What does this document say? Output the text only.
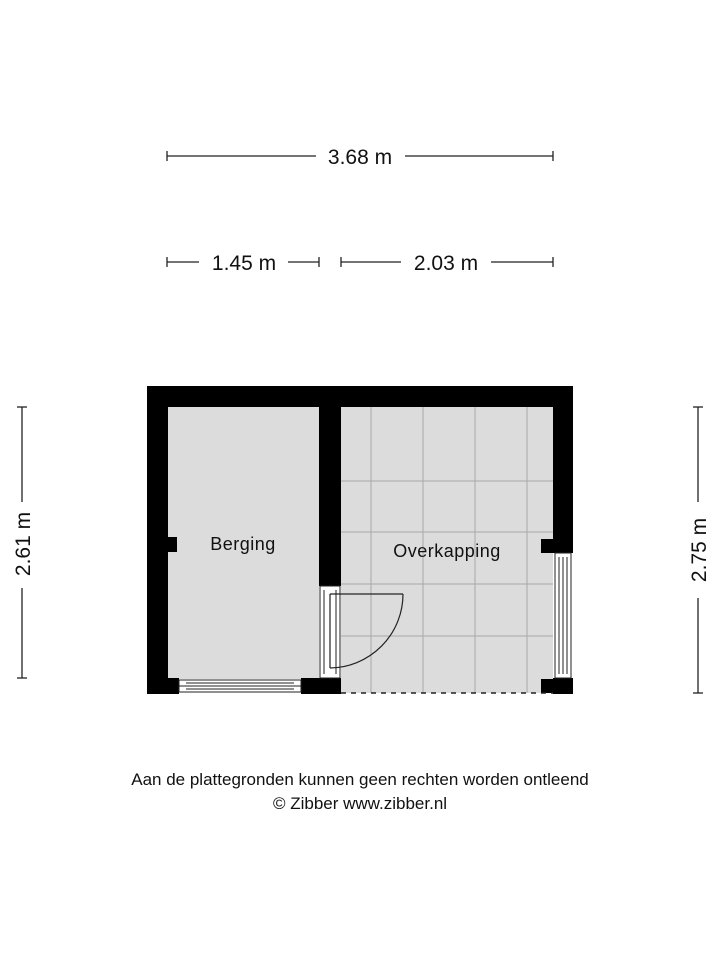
3.68 m
1.45 m	2.03 m
2.61 m	2.75 m
Berging	Overkapping
Aan de plattegronden kunnen geen rechten worden ontleend
© Zibber www.zibber.nl
